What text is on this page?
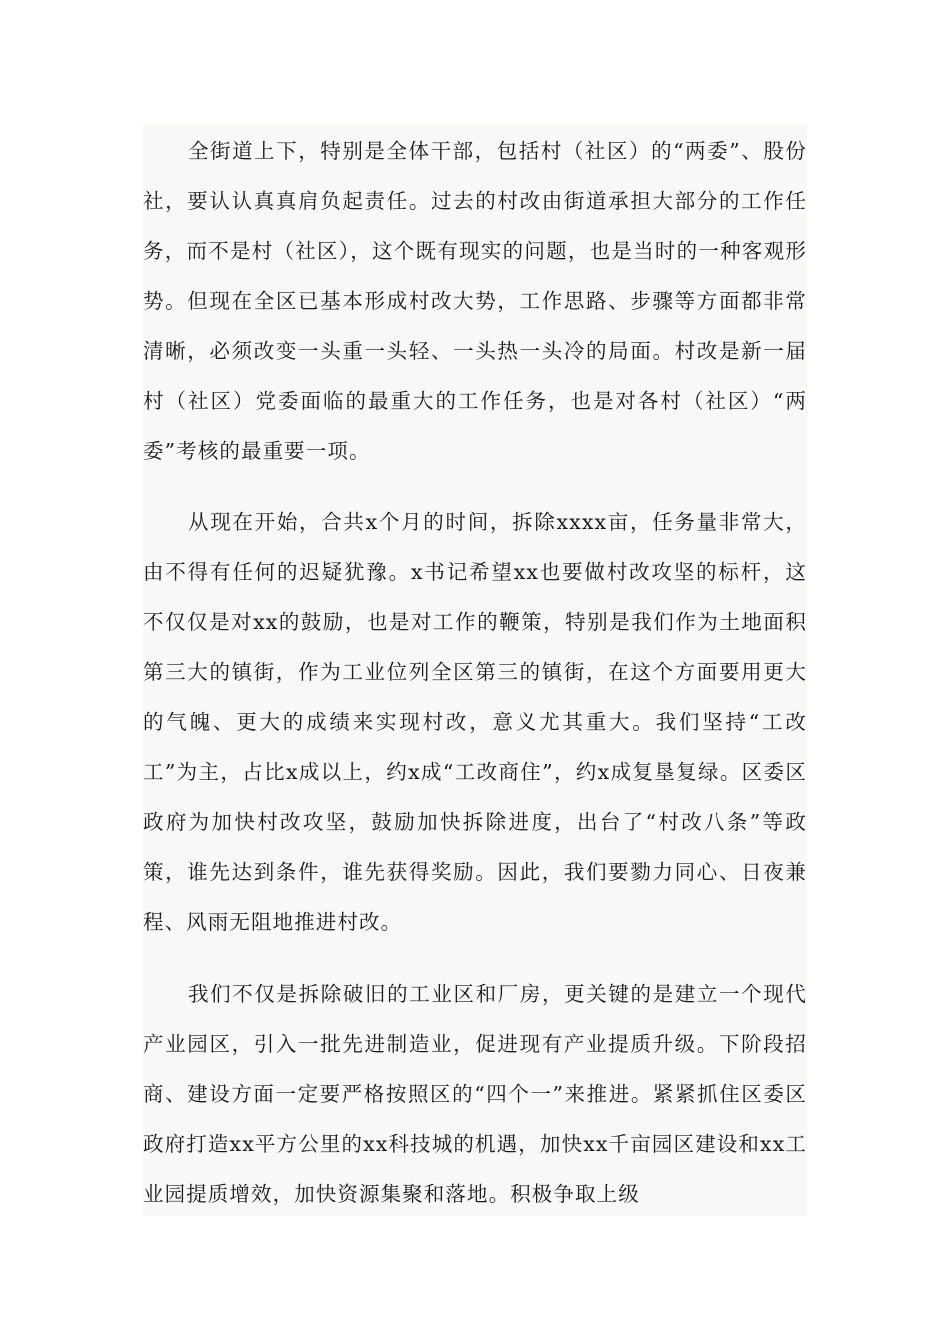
全街道上下，特别是全体干部，包括村（社区）的“两委”、股份社，要认认真真肩负起责任。过去的村改由街道承担大部分的工作任务，而不是村（社区），这个既有现实的问题，也是当时的一种客观形势。但现在全区已基本形成村改大势，工作思路、步骤等方面都非常清晰，必须改变一头重一头轻、一头热一头冷的局面。村改是新一届村（社区）党委面临的最重大的工作任务，也是对各村（社区）“两委”考核的最重要一项。

从现在开始，合共x个月的时间，拆除xxxx亩，任务量非常大，由不得有任何的迟疑犹豫。x书记希望xx也要做村改攻坚的标杆，这不仅仅是对xx的鼓励，也是对工作的鞭策，特别是我们作为土地面积第三大的镇街，作为工业位列全区第三的镇街，在这个方面要用更大的气魄、更大的成绩来实现村改，意义尤其重大。我们坚持“工改工”为主，占比x成以上，约x成“工改商住”，约x成复垦复绿。区委区政府为加快村改攻坚，鼓励加快拆除进度，出台了“村改八条”等政策，谁先达到条件，谁先获得奖励。因此，我们要勠力同心、日夜兼程、风雨无阻地推进村改。

我们不仅是拆除破旧的工业区和厂房，更关键的是建立一个现代产业园区，引入一批先进制造业，促进现有产业提质升级。下阶段招商、建设方面一定要严格按照区的“四个一”来推进。紧紧抓住区委区政府打造xx平方公里的xx科技城的机遇，加快xx千亩园区建设和xx工业园提质增效，加快资源集聚和落地。积极争取上级
